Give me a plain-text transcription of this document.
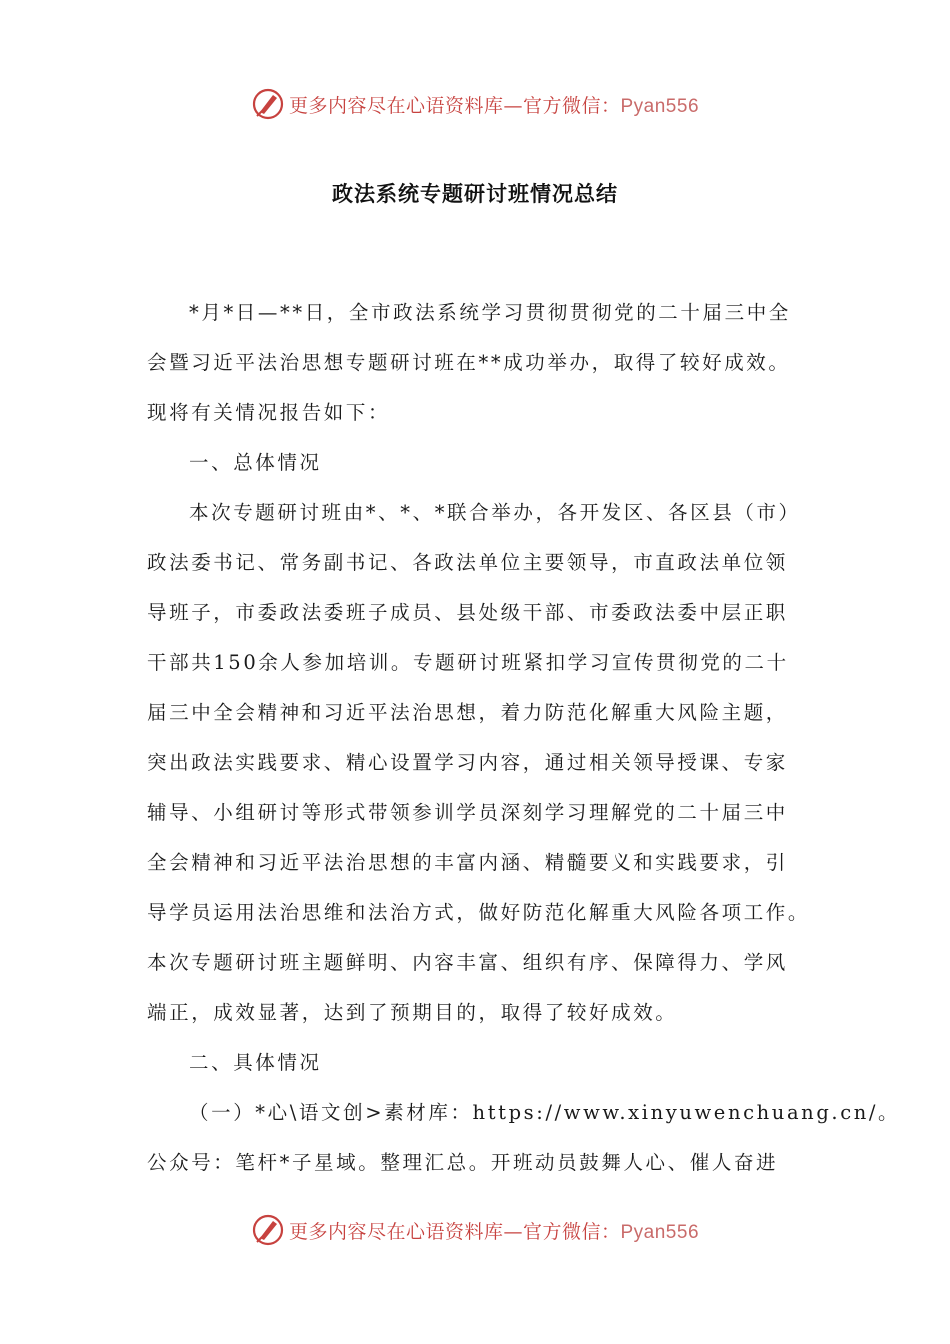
更多内容尽在心语资料库—官方微信：Pyan556
政法系统专题研讨班情况总结
*月*日—**日，全市政法系统学习贯彻贯彻党的二十届三中全
会暨习近平法治思想专题研讨班在**成功举办，取得了较好成效。
现将有关情况报告如下：
一、总体情况
本次专题研讨班由*、*、*联合举办，各开发区、各区县（市）
政法委书记、常务副书记、各政法单位主要领导，市直政法单位领
导班子，市委政法委班子成员、县处级干部、市委政法委中层正职
干部共150余人参加培训。专题研讨班紧扣学习宣传贯彻党的二十
届三中全会精神和习近平法治思想，着力防范化解重大风险主题，
突出政法实践要求、精心设置学习内容，通过相关领导授课、专家
辅导、小组研讨等形式带领参训学员深刻学习理解党的二十届三中
全会精神和习近平法治思想的丰富内涵、精髓要义和实践要求，引
导学员运用法治思维和法治方式，做好防范化解重大风险各项工作。
本次专题研讨班主题鲜明、内容丰富、组织有序、保障得力、学风
端正，成效显著，达到了预期目的，取得了较好成效。
二、具体情况
（一）*心\语文创>素材库：https://www.xinyuwenchuang.cn/。
公众号：笔杆*子星域。整理汇总。开班动员鼓舞人心、催人奋进
更多内容尽在心语资料库—官方微信：Pyan556
